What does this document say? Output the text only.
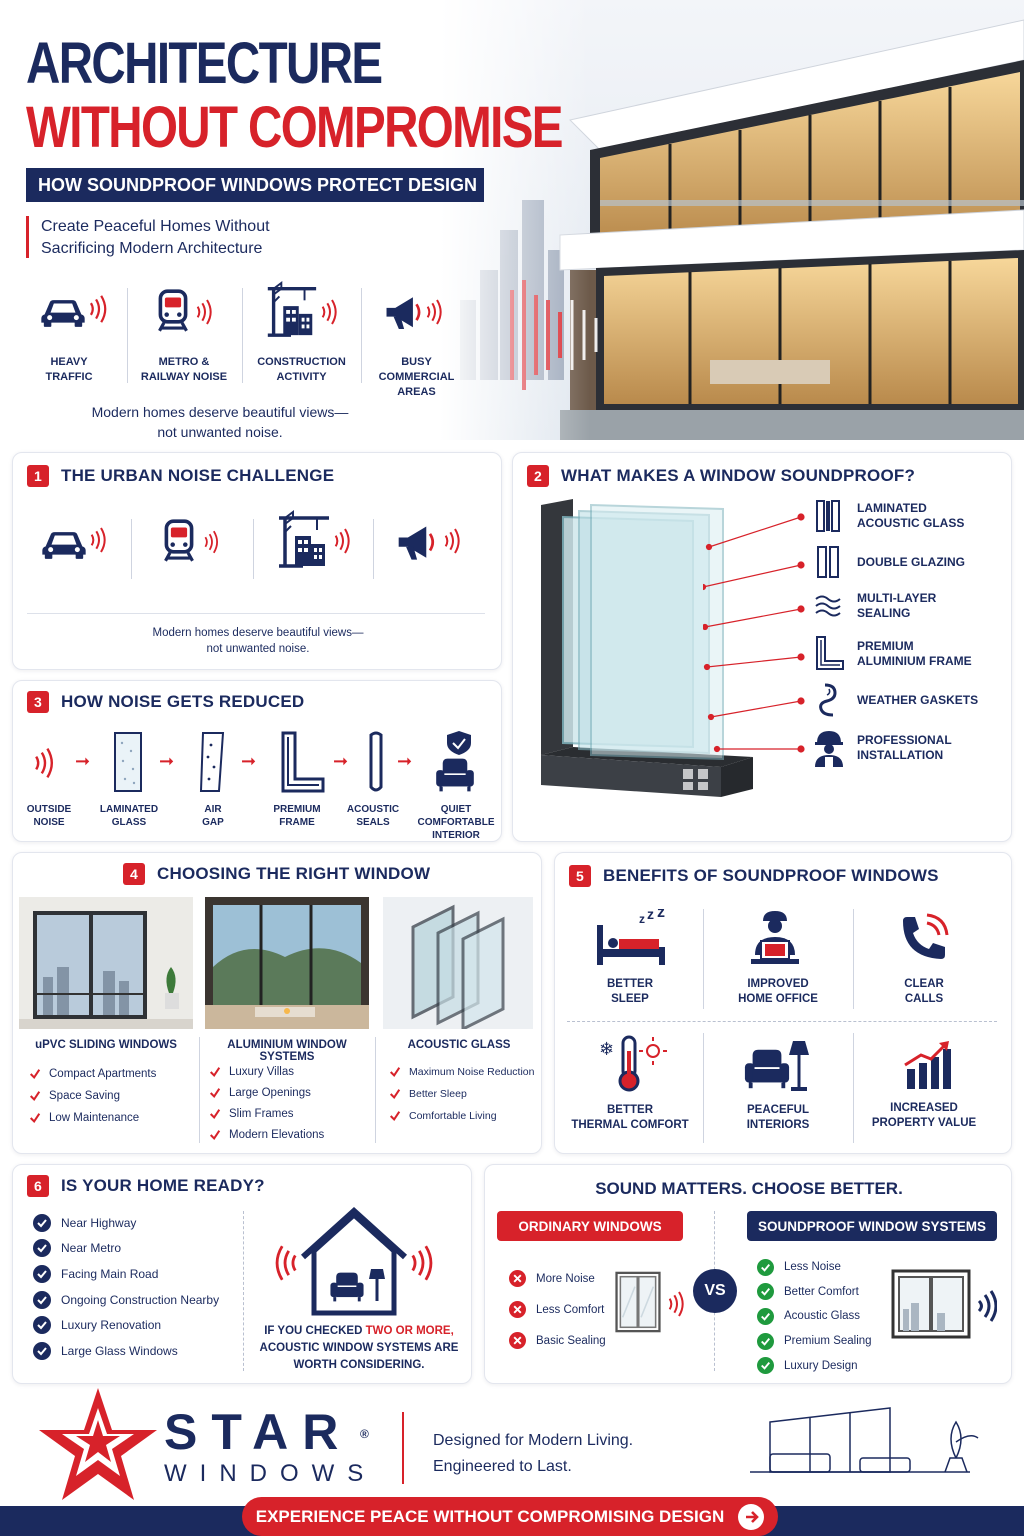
ARCHITECTURE
WITHOUT COMPROMISE
HOW SOUNDPROOF WINDOWS PROTECT DESIGN
Create Peaceful Homes Without
Sacrificing Modern Architecture
HEAVY
TRAFFIC
METRO &
RAILWAY NOISE
CONSTRUCTION
ACTIVITY
BUSY
COMMERCIAL AREAS
Modern homes deserve beautiful views—
not unwanted noise.
1	THE URBAN NOISE CHALLENGE
Modern homes deserve beautiful views—
not unwanted noise.
3	HOW NOISE GETS REDUCED
➞	➞	➞	➞	➞
OUTSIDE
NOISE
LAMINATED
GLASS
AIR
GAP
PREMIUM
FRAME
ACOUSTIC
SEALS
QUIET
COMFORTABLE
INTERIOR
2	WHAT MAKES A WINDOW SOUNDPROOF?
LAMINATED
ACOUSTIC GLASS
DOUBLE GLAZING
MULTI-LAYER
SEALING
PREMIUM
ALUMINIUM FRAME
WEATHER GASKETS
PROFESSIONAL
INSTALLATION
4	CHOOSING THE RIGHT WINDOW
uPVC SLIDING WINDOWS	ALUMINIUM WINDOW SYSTEMS
ACOUSTIC GLASS
Compact Apartments
Space Saving
Low Maintenance
Luxury Villas
Large Openings
Slim Frames
Modern Elevations
Maximum Noise Reduction
Better Sleep
Comfortable Living
5	BENEFITS OF SOUNDPROOF WINDOWS
z z z
BETTER
SLEEP
IMPROVED
HOME OFFICE
CLEAR
CALLS
❄
BETTER
THERMAL COMFORT
PEACEFUL
INTERIORS
INCREASED
PROPERTY VALUE
6	IS YOUR HOME READY?
Near Highway
Near Metro
Facing Main Road
Ongoing Construction Nearby
Luxury Renovation
Large Glass Windows
IF YOU CHECKED TWO OR MORE,
ACOUSTIC WINDOW SYSTEMS ARE
WORTH CONSIDERING.
SOUND MATTERS. CHOOSE BETTER.
ORDINARY WINDOWS	SOUNDPROOF WINDOW SYSTEMS
More Noise
Less Comfort
Basic Sealing
VS
Less Noise
Better Comfort
Acoustic Glass
Premium Sealing
Luxury Design
STAR ®
WINDOWS
Designed for Modern Living.
Engineered to Last.
EXPERIENCE PEACE WITHOUT COMPROMISING DESIGN
